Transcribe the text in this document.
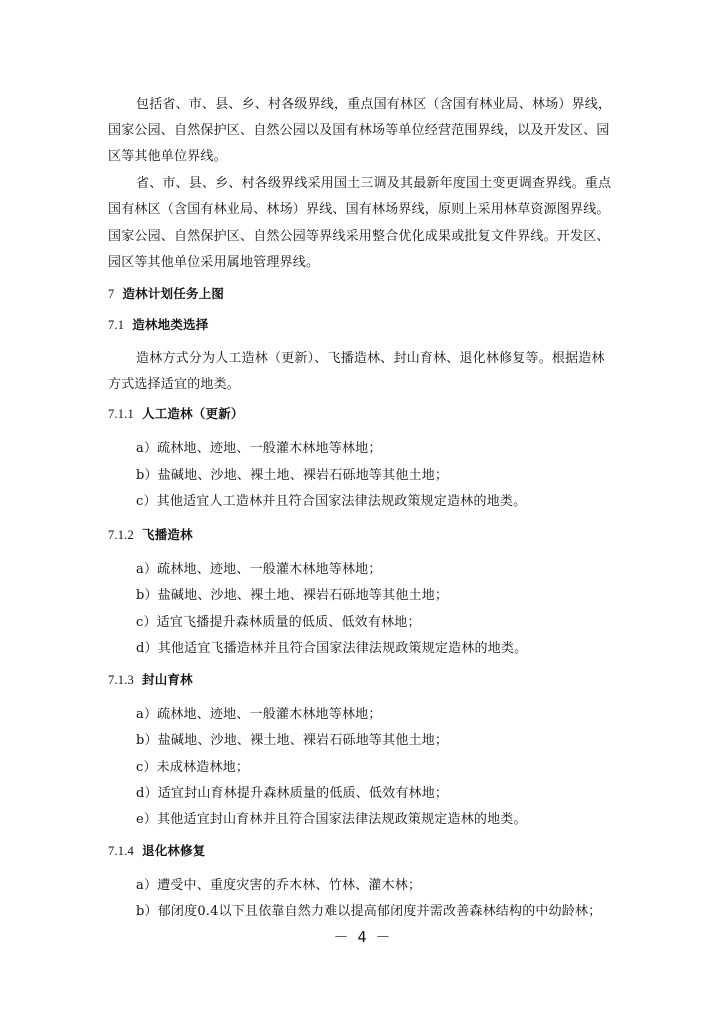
包括省、市、县、乡、村各级界线，重点国有林区（含国有林业局、林场）界线，
国家公园、自然保护区、自然公园以及国有林场等单位经营范围界线，以及开发区、园
区等其他单位界线。
省、市、县、乡、村各级界线采用国土三调及其最新年度国土变更调查界线。重点
国有林区（含国有林业局、林场）界线、国有林场界线，原则上采用林草资源图界线。
国家公园、自然保护区、自然公园等界线采用整合优化成果或批复文件界线。开发区、
园区等其他单位采用属地管理界线。
7 造林计划任务上图
7.1 造林地类选择
造林方式分为人工造林（更新）、飞播造林、封山育林、退化林修复等。根据造林
方式选择适宜的地类。
7.1.1 人工造林（更新）
a）疏林地、迹地、一般灌木林地等林地；
b）盐碱地、沙地、裸土地、裸岩石砾地等其他土地；
c）其他适宜人工造林并且符合国家法律法规政策规定造林的地类。
7.1.2 飞播造林
a）疏林地、迹地、一般灌木林地等林地；
b）盐碱地、沙地、裸土地、裸岩石砾地等其他土地；
c）适宜飞播提升森林质量的低质、低效有林地；
d）其他适宜飞播造林并且符合国家法律法规政策规定造林的地类。
7.1.3 封山育林
a）疏林地、迹地、一般灌木林地等林地；
b）盐碱地、沙地、裸土地、裸岩石砾地等其他土地；
c）未成林造林地；
d）适宜封山育林提升森林质量的低质、低效有林地；
e）其他适宜封山育林并且符合国家法律法规政策规定造林的地类。
7.1.4 退化林修复
a）遭受中、重度灾害的乔木林、竹林、灌木林；
b）郁闭度0.4以下且依靠自然力难以提高郁闭度并需改善森林结构的中幼龄林；
－ 4 －
